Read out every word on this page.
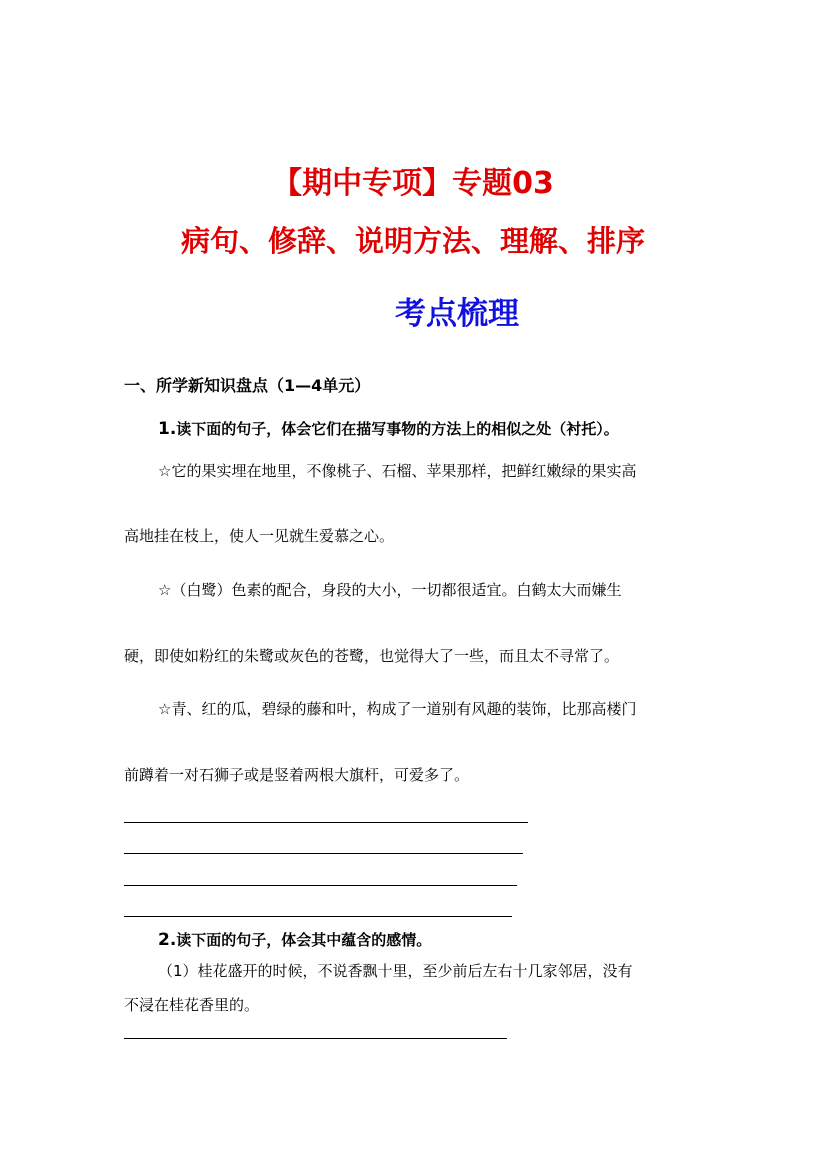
【期中专项】专题03
病句、修辞、说明方法、理解、排序
考点梳理
一、所学新知识盘点（1—4单元）
1.读下面的句子，体会它们在描写事物的方法上的相似之处（衬托）。
☆它的果实埋在地里，不像桃子、石榴、苹果那样，把鲜红嫩绿的果实高
高地挂在枝上，使人一见就生爱慕之心。
☆（白鹭）色素的配合，身段的大小，一切都很适宜。白鹤太大而嫌生
硬，即使如粉红的朱鹭或灰色的苍鹭，也觉得大了一些，而且太不寻常了。
☆青、红的瓜，碧绿的藤和叶，构成了一道别有风趣的装饰，比那高楼门
前蹲着一对石狮子或是竖着两根大旗杆，可爱多了。
2.读下面的句子，体会其中蕴含的感情。
（1）桂花盛开的时候，不说香飘十里，至少前后左右十几家邻居，没有
不浸在桂花香里的。
